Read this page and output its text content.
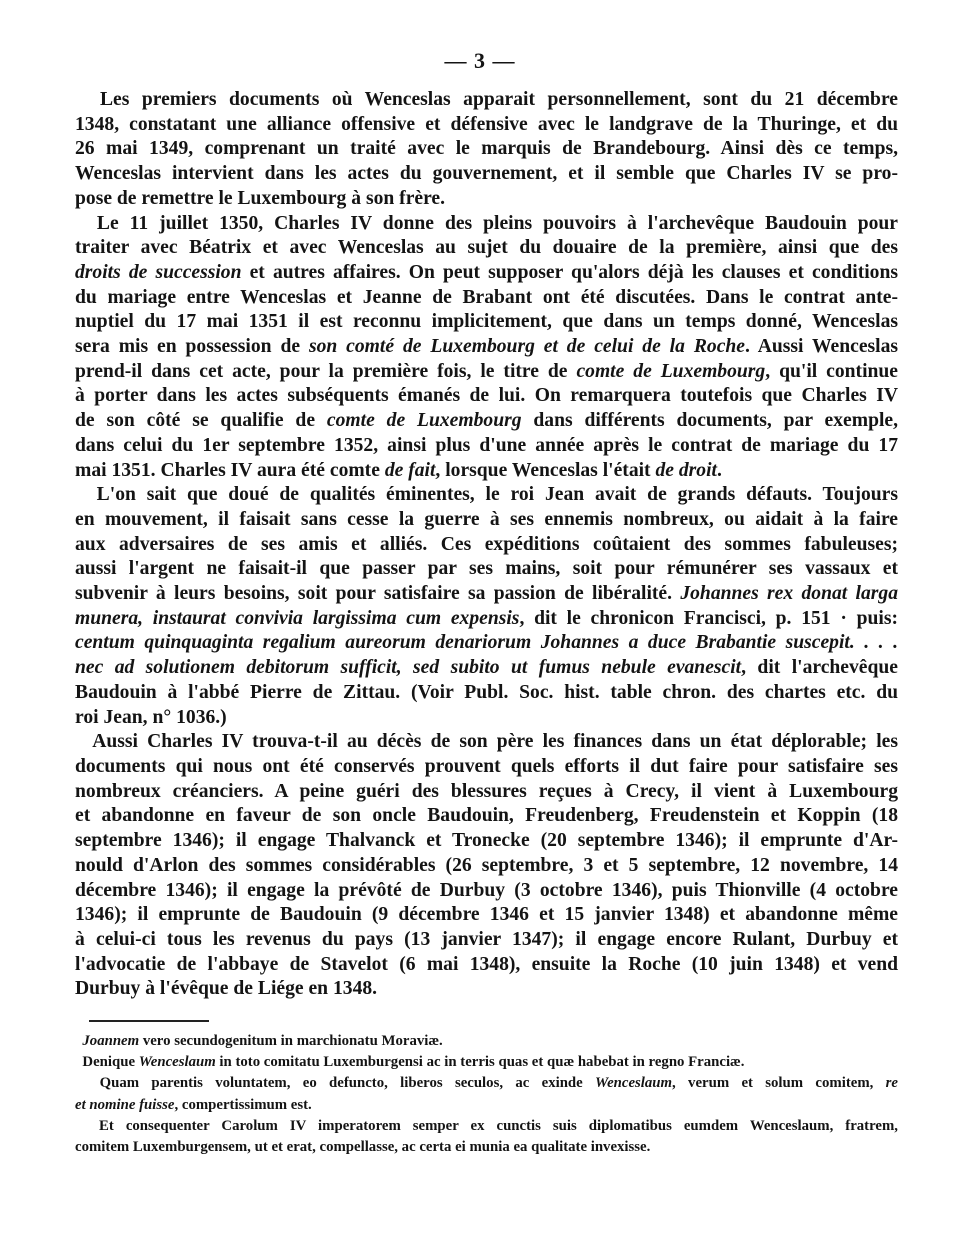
— 3 —
Les premiers documents où Wenceslas apparait personnellement, sont du 21 décembre
1348, constatant une alliance offensive et défensive avec le landgrave de la Thuringe, et du
26 mai 1349, comprenant un traité avec le marquis de Brandebourg. Ainsi dès ce temps,
Wenceslas intervient dans les actes du gouvernement, et il semble que Charles IV se pro-
pose de remettre le Luxembourg à son frère.
Le 11 juillet 1350, Charles IV donne des pleins pouvoirs à l'archevêque Baudouin pour
traiter avec Béatrix et avec Wenceslas au sujet du douaire de la première, ainsi que des
droits de succession et autres affaires. On peut supposer qu'alors déjà les clauses et conditions
du mariage entre Wenceslas et Jeanne de Brabant ont été discutées. Dans le contrat ante-
nuptiel du 17 mai 1351 il est reconnu implicitement, que dans un temps donné, Wenceslas
sera mis en possession de son comté de Luxembourg et de celui de la Roche. Aussi Wenceslas
prend-il dans cet acte, pour la première fois, le titre de comte de Luxembourg, qu'il continue
à porter dans les actes subséquents émanés de lui. On remarquera toutefois que Charles IV
de son côté se qualifie de comte de Luxembourg dans différents documents, par exemple,
dans celui du 1er septembre 1352, ainsi plus d'une année après le contrat de mariage du 17
mai 1351. Charles IV aura été comte de fait, lorsque Wenceslas l'était de droit.
L'on sait que doué de qualités éminentes, le roi Jean avait de grands défauts. Toujours
en mouvement, il faisait sans cesse la guerre à ses ennemis nombreux, ou aidait à la faire
aux adversaires de ses amis et alliés. Ces expéditions coûtaient des sommes fabuleuses;
aussi l'argent ne faisait-il que passer par ses mains, soit pour rémunérer ses vassaux et
subvenir à leurs besoins, soit pour satisfaire sa passion de libéralité. Johannes rex donat larga
munera, instaurat convivia largissima cum expensis, dit le chronicon Francisci, p. 151 · puis:
centum quinquaginta regalium aureorum denariorum Johannes a duce Brabantie suscepit. . . .
nec ad solutionem debitorum sufficit, sed subito ut fumus nebule evanescit, dit l'archevêque
Baudouin à l'abbé Pierre de Zittau. (Voir Publ. Soc. hist. table chron. des chartes etc. du
roi Jean, n° 1036.)
Aussi Charles IV trouva-t-il au décès de son père les finances dans un état déplorable; les
documents qui nous ont été conservés prouvent quels efforts il dut faire pour satisfaire ses
nombreux créanciers. A peine guéri des blessures reçues à Crecy, il vient à Luxembourg
et abandonne en faveur de son oncle Baudouin, Freudenberg, Freudenstein et Koppin (18
septembre 1346); il engage Thalvanck et Tronecke (20 septembre 1346); il emprunte d'Ar-
nould d'Arlon des sommes considérables (26 septembre, 3 et 5 septembre, 12 novembre, 14
décembre 1346); il engage la prévôté de Durbuy (3 octobre 1346), puis Thionville (4 octobre
1346); il emprunte de Baudouin (9 décembre 1346 et 15 janvier 1348) et abandonne même
à celui-ci tous les revenus du pays (13 janvier 1347); il engage encore Rulant, Durbuy et
l'advocatie de l'abbaye de Stavelot (6 mai 1348), ensuite la Roche (10 juin 1348) et vend
Durbuy à l'évêque de Liége en 1348.
Joannem vero secundogenitum in marchionatu Moraviæ.
Denique Wenceslaum in toto comitatu Luxemburgensi ac in terris quas et quæ habebat in regno Franciæ.
Quam parentis voluntatem, eo defuncto, liberos seculos, ac exinde Wenceslaum, verum et solum comitem, re
et nomine fuisse, compertissimum est.
Et consequenter Carolum IV imperatorem semper ex cunctis suis diplomatibus eumdem Wenceslaum, fratrem,
comitem Luxemburgensem, ut et erat, compellasse, ac certa ei munia ea qualitate invexisse.
